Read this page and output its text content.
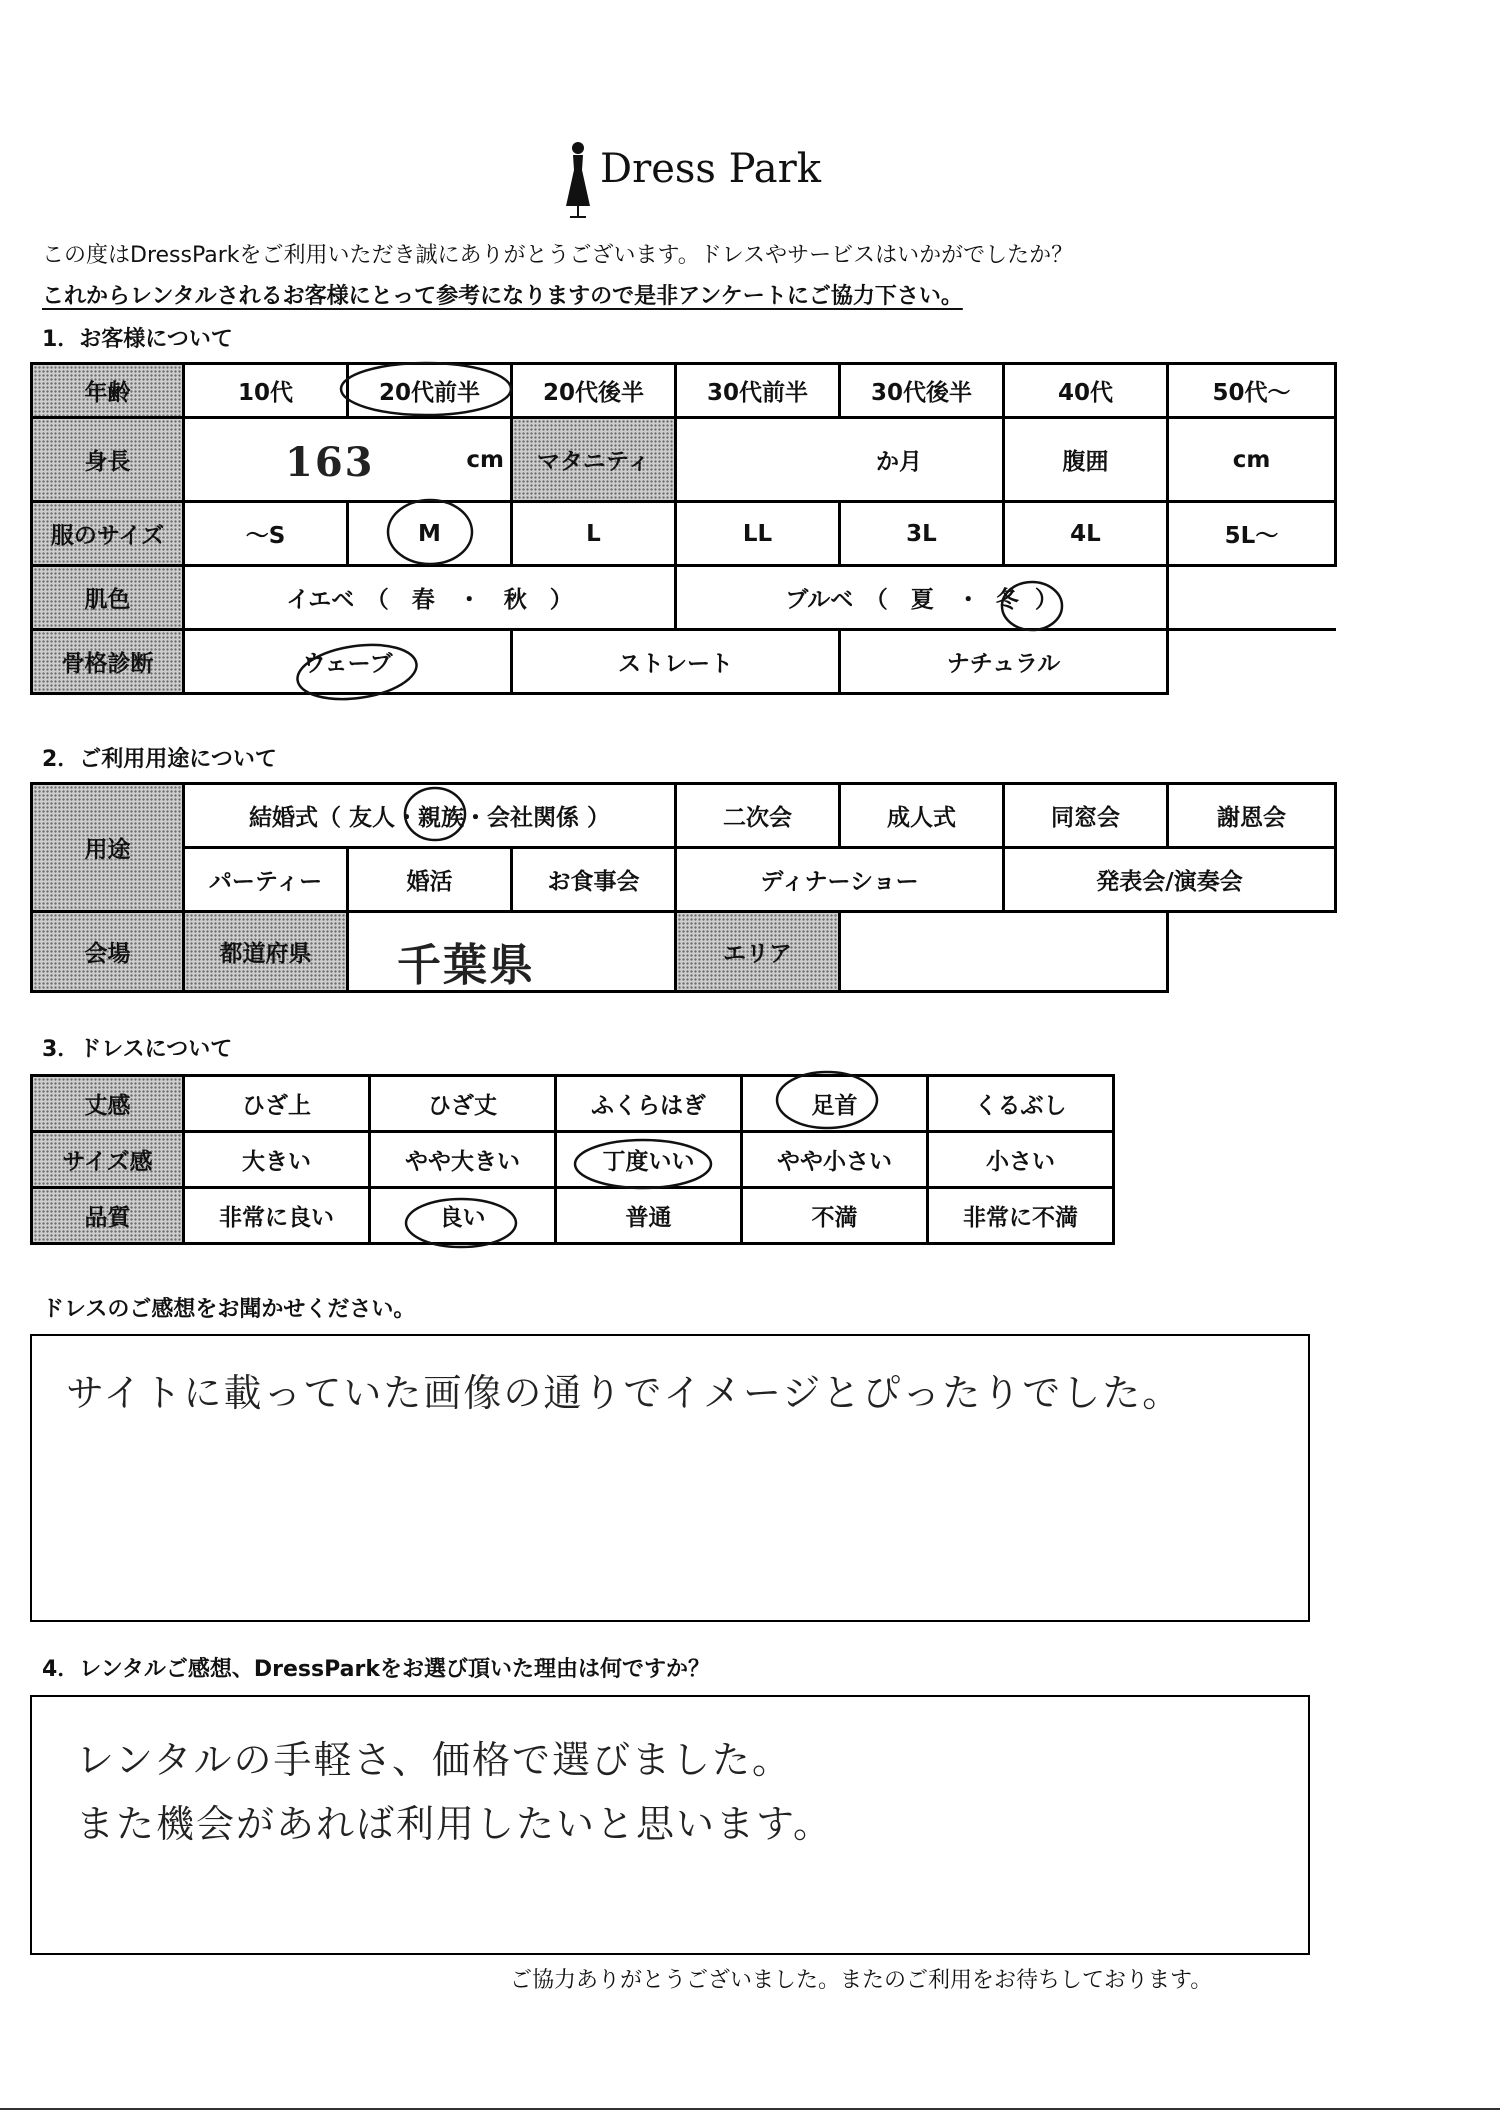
Dress Park
この度はDressParkをご利用いただき誠にありがとうございます。ドレスやサービスはいかがでしたか？
これからレンタルされるお客様にとって参考になりますので是非アンケートにご協力下さい。
1．お客様について
年齢	10代	20代前半	20代後半	30代前半	30代後半	40代	50代～
身長	163 cm		マタニティ	か月		腹囲	cm
服のサイズ	～S	M	L	LL	3L	4L	5L～
肌色	イエベ　（　春　・　秋　）			ブルベ　（　夏　・ 冬 ）			
骨格診断	ウェーブ		ストレート		ナチュラル		
2．ご利用用途について
用途	結婚式（ 友人・親族・会社関係 ）			二次会	成人式	同窓会	謝恩会
	パーティー	婚活	お食事会	ディナーショー		発表会/演奏会	
会場	都道府県	千葉県		エリア			
3．ドレスについて
丈感	ひざ上	ひざ丈	ふくらはぎ	足首	くるぶし
サイズ感	大きい	やや大きい	丁度いい	やや小さい	小さい
品質	非常に良い	良い	普通	不満	非常に不満
ドレスのご感想をお聞かせください。
サイトに載っていた画像の通りでイメージとぴったりでした。
4．レンタルご感想、DressParkをお選び頂いた理由は何ですか？
レンタルの手軽さ、価格で選びました。
また機会があれば利用したいと思います。
ご協力ありがとうございました。またのご利用をお待ちしております。
